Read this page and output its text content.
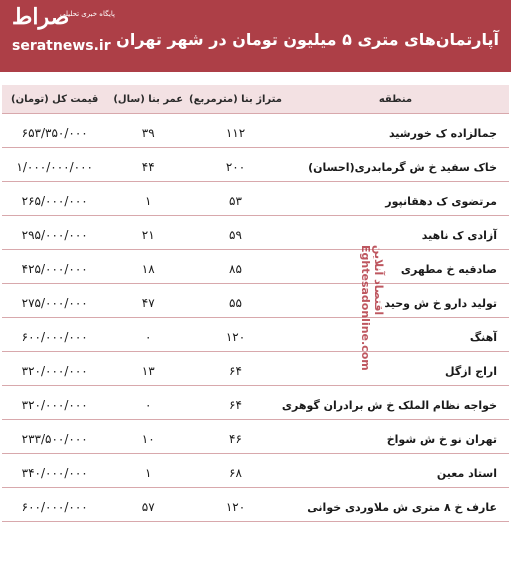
صراط
پایگاه خبری تحلیلی
seratnews.ir آپارتمان‌های متری ۵ میلیون تومان در شهر تهران
منطقه	متراژ بنا (مترمربع)	عمر بنا (سال)	قیمت کل (تومان)
جمالزاده ک خورشید	۱۱۲	۳۹	۶۵۳/۳۵۰/۰۰۰
خاک سفید خ ش گرمابدری(احسان)	۲۰۰	۴۴	۱/۰۰۰/۰۰۰/۰۰۰
مرتضوی ک دهقانپور	۵۳	۱	۲۶۵/۰۰۰/۰۰۰
آزادی ک ناهید	۵۹	۲۱	۲۹۵/۰۰۰/۰۰۰
صادقیه خ مطهری	۸۵	۱۸	۴۲۵/۰۰۰/۰۰۰
تولید دارو خ ش وحید	۵۵	۴۷	۲۷۵/۰۰۰/۰۰۰
آهنگ	۱۲۰	۰	۶۰۰/۰۰۰/۰۰۰
اراج ازگل	۶۴	۱۳	۳۲۰/۰۰۰/۰۰۰
خواجه نظام الملک خ ش برادران گوهری	۶۴	۰	۳۲۰/۰۰۰/۰۰۰
تهران نو خ ش شواخ	۴۶	۱۰	۲۳۳/۵۰۰/۰۰۰
استاد معین	۶۸	۱	۳۴۰/۰۰۰/۰۰۰
عارف خ ۸ متری ش ملاوردی خوانی	۱۲۰	۵۷	۶۰۰/۰۰۰/۰۰۰
اقتصاد آنلاین Eghtesadonline.com
